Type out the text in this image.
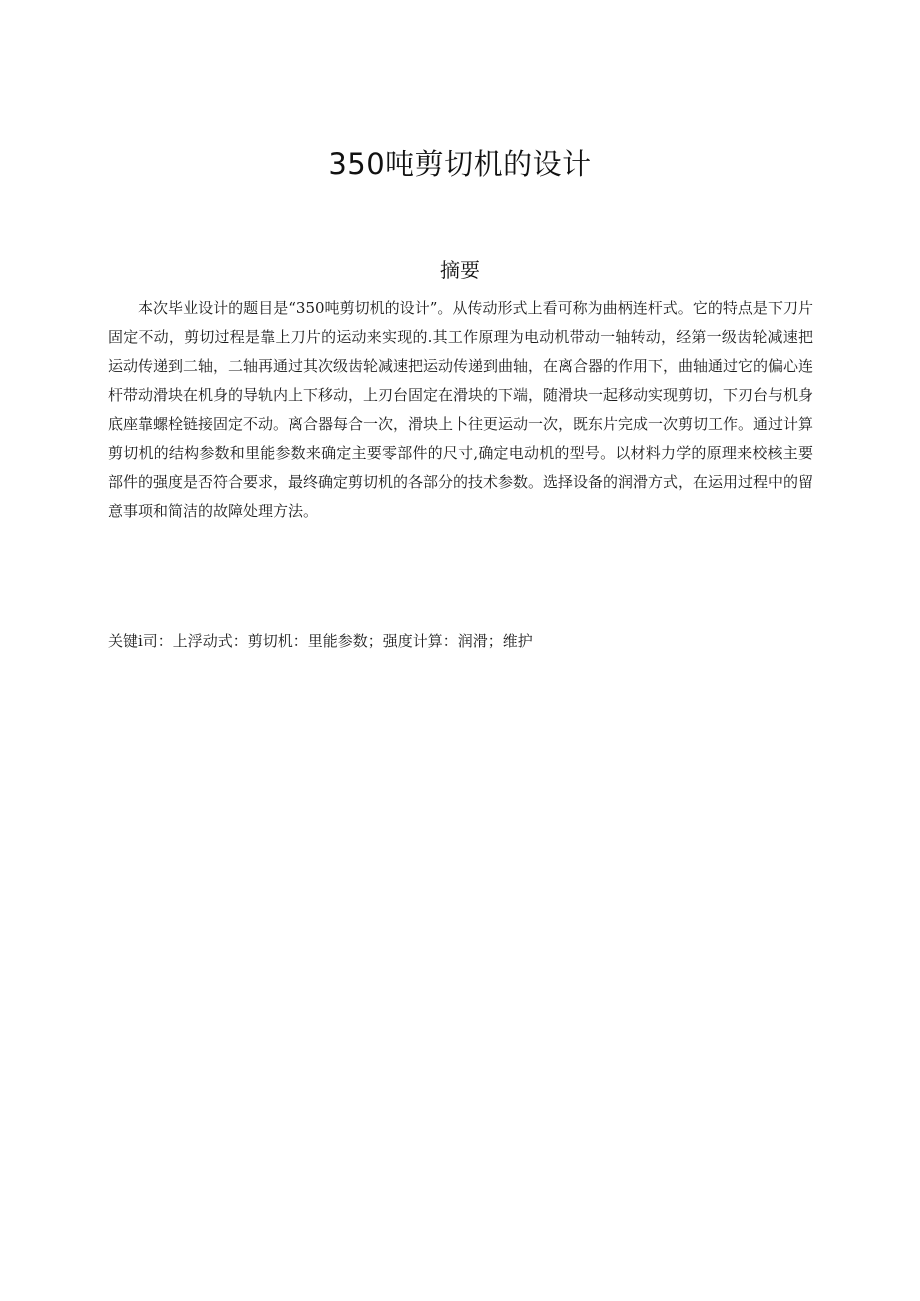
350吨剪切机的设计
摘要

本次毕业设计的题目是“350吨剪切机的设计”。从传动形式上看可称为曲柄连杆式。它的特点是下刀片固定不动，剪切过程是靠上刀片的运动来实现的.其工作原理为电动机带动一轴转动，经第一级齿轮减速把运动传递到二轴，二轴再通过其次级齿轮减速把运动传递到曲轴，在离合器的作用下，曲轴通过它的偏心连杆带动滑块在机身的导轨内上下移动，上刃台固定在滑块的下端，随滑块一起移动实现剪切，下刃台与机身底座靠螺栓链接固定不动。离合器每合一次，滑块上卜往更运动一次，既东片完成一次剪切工作。通过计算剪切机的结构参数和里能参数来确定主要零部件的尺寸,确定电动机的型号。以材料力学的原理来校核主要部件的强度是否符合要求，最终确定剪切机的各部分的技术参数。选择设备的润滑方式，在运用过程中的留意事项和简洁的故障处理方法。

关键i司：上浮动式：剪切机：里能参数；强度计算：润滑；维护
